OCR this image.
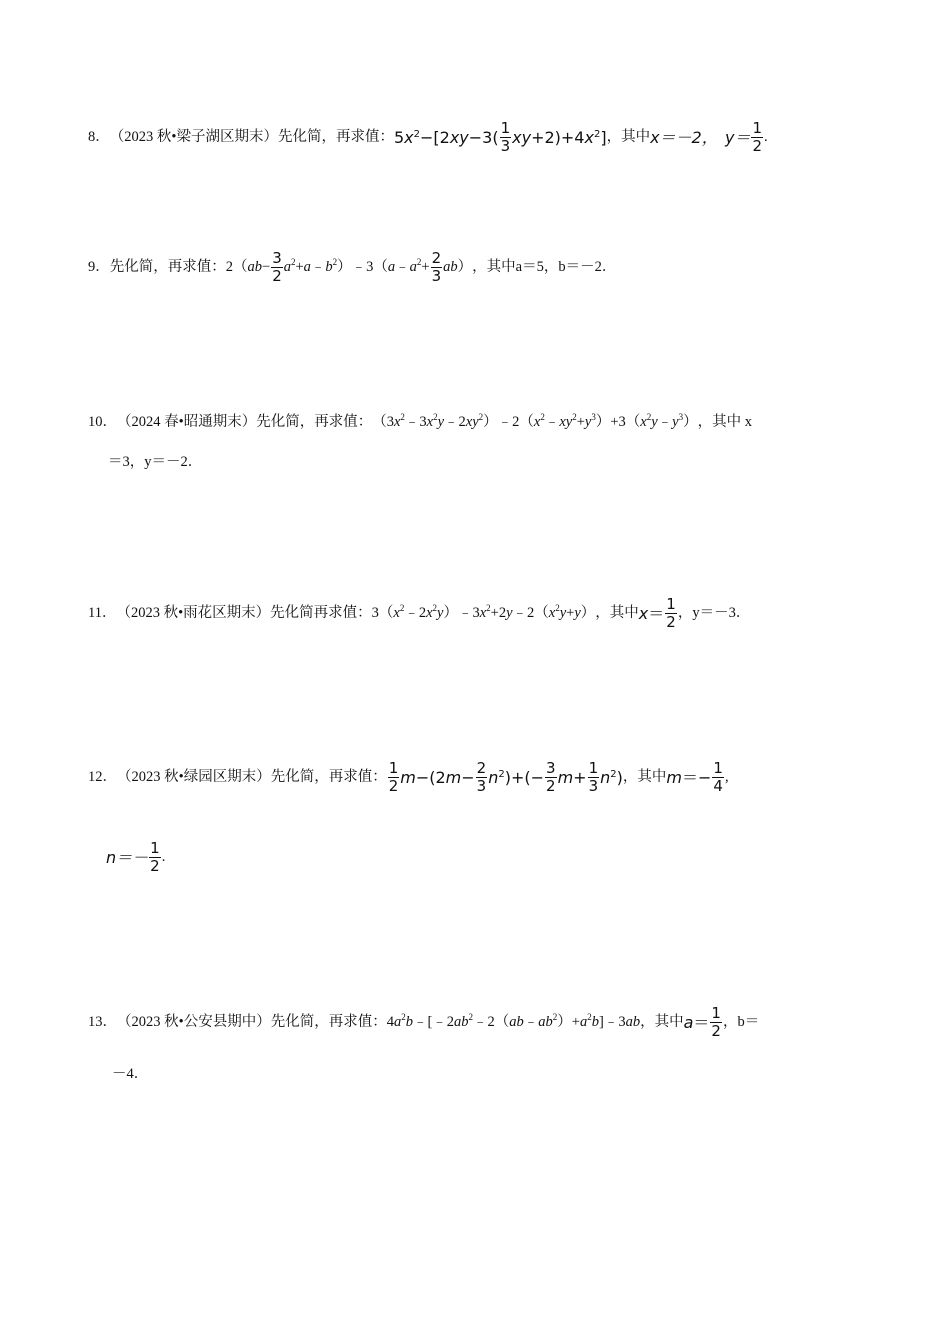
8． （2023 秋•梁子湖区期末）先化简，再求值： $5x^2-[2xy-3( \frac{1}{3} xy+2)+4x^2]$ ，其中 x＝－2，
$y= \frac{1}{2}$ .
9． 先化简，再求值： $2(ab- \frac{3}{2}$ $a^2+a﹣b^2)﹣3(a﹣a^2+ \frac{2}{3} ab)$ ，其中 a＝5，b＝－2．
10． （2024 春•昭通期末）先化简，再求值： $(3x^2﹣3x^2y﹣2xy^2)﹣2(x^2﹣xy^2+y^3)+3(x^2y﹣y^3)$ ，其中 x
＝3，y＝－2．
11． （2023 秋•雨花区期末）先化简再求值： $3(x^2﹣2x^2y)﹣3x^2+2y﹣2(x^2y+y)$ ，其中 $x = \frac{1}{2}$ ， y＝－3．
12． （2023 秋•绿园区期末）先化简，再求值： $\frac{1}{2} m-(2m- \frac{2}{3} n^2)+(- \frac{3}{2} m+ \frac{1}{3} n^2)$ ，其中 $m =- \frac{1}{4}$ ,
$n=- \frac{1}{2}$ .
13． （2023 秋•公安县期中）先化简，再求值： $4a^2b﹣[﹣2ab^2﹣2(ab﹣ab^2)+a^2b]﹣3ab$ ，其中 $a = \frac{1}{2}$ ，b＝
－4．
